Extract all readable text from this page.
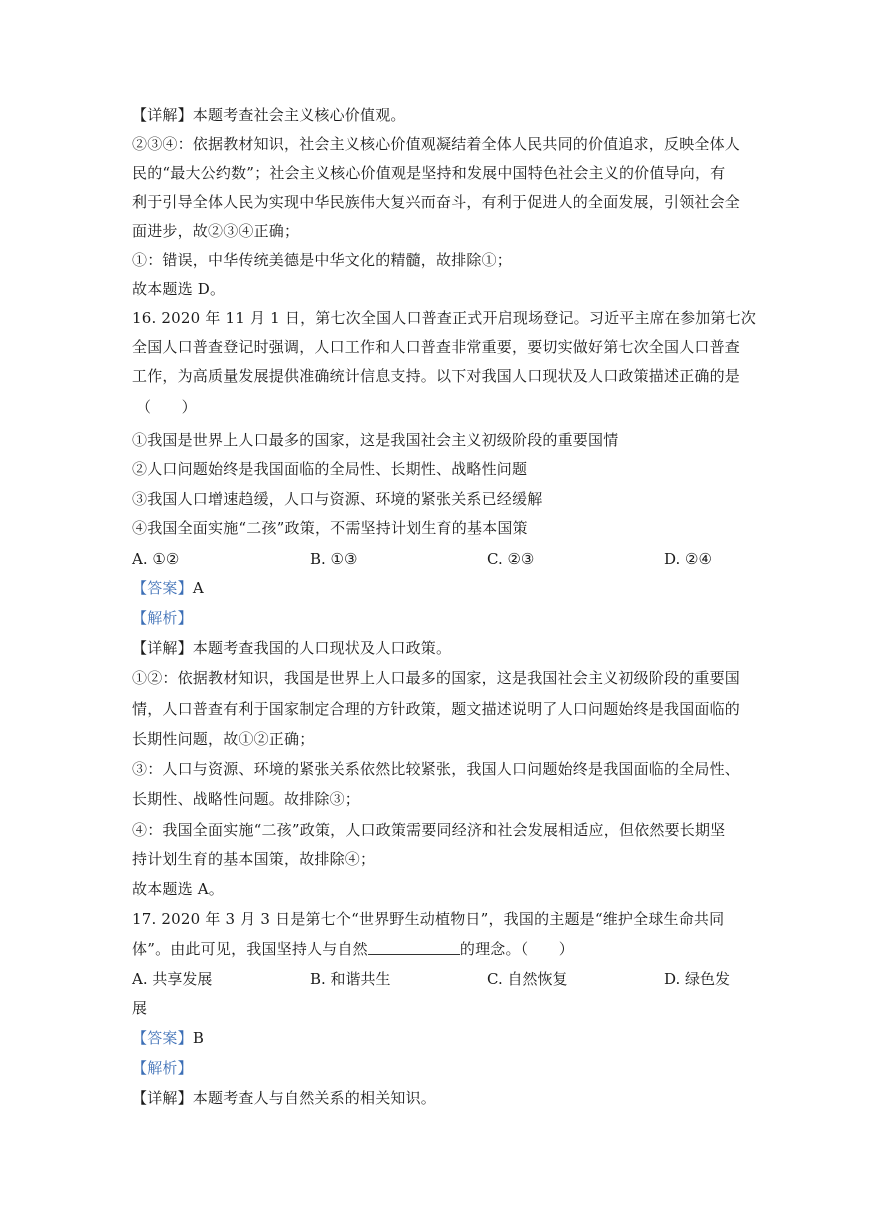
【详解】本题考查社会主义核心价值观。
②③④：依据教材知识，社会主义核心价值观凝结着全体人民共同的价值追求，反映全体人
民的“最大公约数”；社会主义核心价值观是坚持和发展中国特色社会主义的价值导向，有
利于引导全体人民为实现中华民族伟大复兴而奋斗，有利于促进人的全面发展，引领社会全
面进步，故②③④正确；
①：错误，中华传统美德是中华文化的精髓，故排除①；
故本题选 D。
16. 2020 年 11 月 1 日，第七次全国人口普查正式开启现场登记。习近平主席在参加第七次
全国人口普查登记时强调，人口工作和人口普查非常重要，要切实做好第七次全国人口普查
工作，为高质量发展提供准确统计信息支持。以下对我国人口现状及人口政策描述正确的是
（　　）
①我国是世界上人口最多的国家，这是我国社会主义初级阶段的重要国情
②人口问题始终是我国面临的全局性、长期性、战略性问题
③我国人口增速趋缓，人口与资源、环境的紧张关系已经缓解
④我国全面实施“二孩”政策，不需坚持计划生育的基本国策
A. ①②	B. ①③	C. ②③	D. ②④
【答案】A
【解析】
【详解】本题考查我国的人口现状及人口政策。
①②：依据教材知识，我国是世界上人口最多的国家，这是我国社会主义初级阶段的重要国
情，人口普查有利于国家制定合理的方针政策，题文描述说明了人口问题始终是我国面临的
长期性问题，故①②正确；
③：人口与资源、环境的紧张关系依然比较紧张，我国人口问题始终是我国面临的全局性、
长期性、战略性问题。故排除③；
④：我国全面实施“二孩”政策，人口政策需要同经济和社会发展相适应，但依然要长期坚
持计划生育的基本国策，故排除④；
故本题选 A。
17. 2020 年 3 月 3 日是第七个“世界野生动植物日”，我国的主题是“维护全球生命共同
体”。由此可见，我国坚持人与自然	的理念。（　　）
A. 共享发展	B. 和谐共生	C. 自然恢复	D. 绿色发
展
【答案】B
【解析】
【详解】本题考查人与自然关系的相关知识。
